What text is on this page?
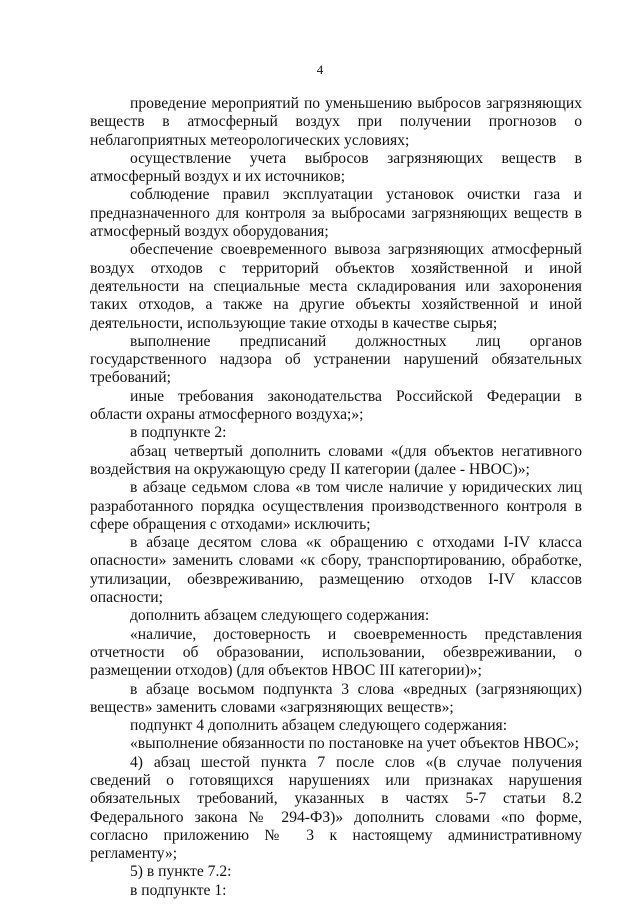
4

проведение мероприятий по уменьшению выбросов загрязняющих веществ в атмосферный воздух при получении прогнозов о неблагоприятных метеорологических условиях;

осуществление учета выбросов загрязняющих веществ в атмосферный воздух и их источников;

соблюдение правил эксплуатации установок очистки газа и предназначенного для контроля за выбросами загрязняющих веществ в атмосферный воздух оборудования;

обеспечение своевременного вывоза загрязняющих атмосферный воздух отходов с территорий объектов хозяйственной и иной деятельности на специальные места складирования или захоронения таких отходов, а также на другие объекты хозяйственной и иной деятельности, использующие такие отходы в качестве сырья;

выполнение предписаний должностных лиц органов государственного надзора об устранении нарушений обязательных требований;

иные требования законодательства Российской Федерации в области охраны атмосферного воздуха;»;

в подпункте 2:

абзац четвертый дополнить словами «(для объектов негативного воздействия на окружающую среду II категории (далее - НВОС)»;

в абзаце седьмом слова «в том числе наличие у юридических лиц разработанного порядка осуществления производственного контроля в сфере обращения с отходами» исключить;

в абзаце десятом слова «к обращению с отходами I-IV класса опасности» заменить словами «к сбору, транспортированию, обработке, утилизации, обезвреживанию, размещению отходов I-IV классов опасности;

дополнить абзацем следующего содержания:

«наличие, достоверность и своевременность представления отчетности об образовании, использовании, обезвреживании, о размещении отходов) (для объектов НВОС III категории)»;

в абзаце восьмом подпункта 3 слова «вредных (загрязняющих) веществ» заменить словами «загрязняющих веществ»;

подпункт 4 дополнить абзацем следующего содержания:

«выполнение обязанности по постановке на учет объектов НВОС»;

4) абзац шестой пункта 7 после слов «(в случае получения сведений о готовящихся нарушениях или признаках нарушения обязательных требований, указанных в частях 5-7 статьи 8.2 Федерального закона № 294-ФЗ)» дополнить словами «по форме, согласно приложению № 3 к настоящему административному регламенту»;

5) в пункте 7.2:

в подпункте 1:
